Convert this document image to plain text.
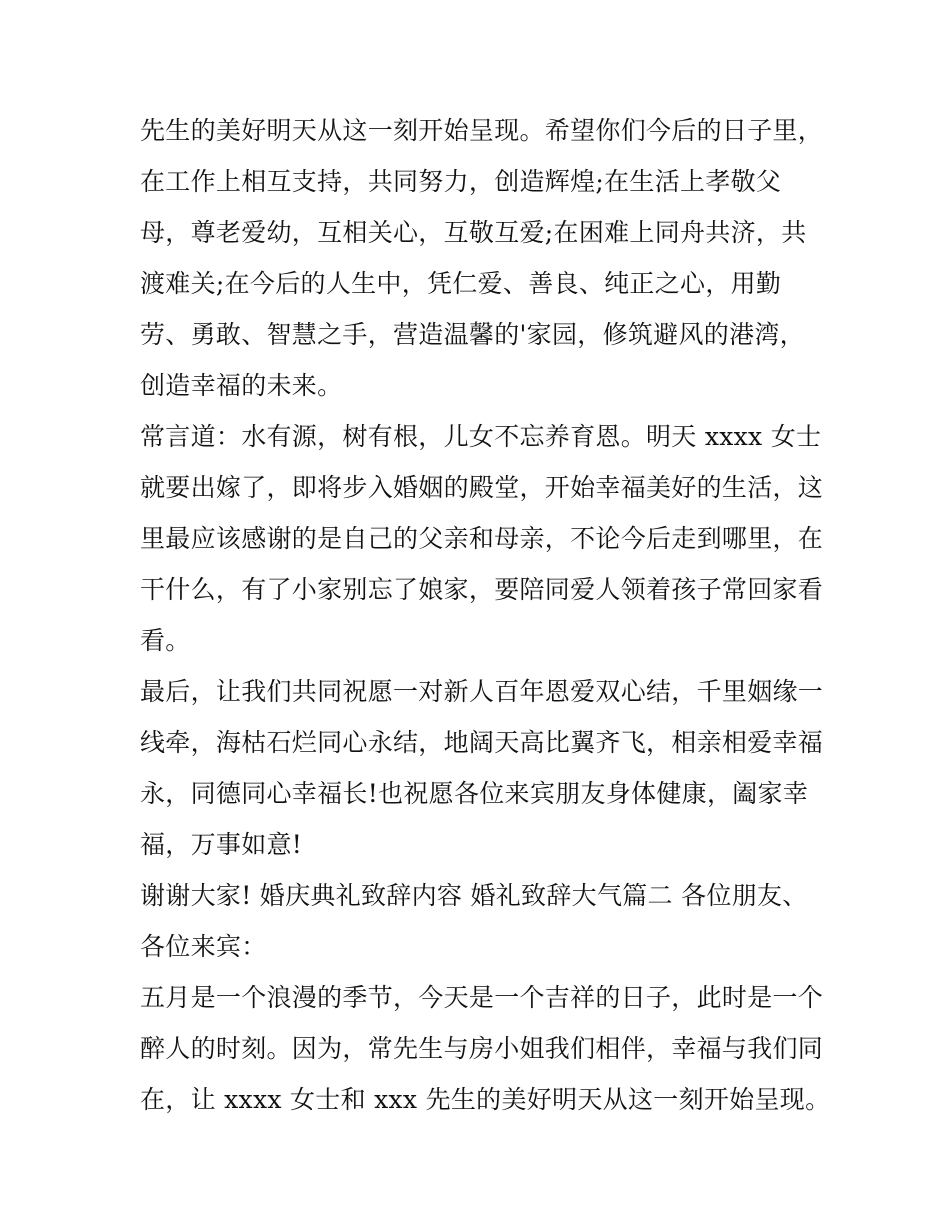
先生的美好明天从这一刻开始呈现。希望你们今后的日子里，
在工作上相互支持，共同努力，创造辉煌;在生活上孝敬父
母，尊老爱幼，互相关心，互敬互爱;在困难上同舟共济，共
渡难关;在今后的人生中，凭仁爱、善良、纯正之心，用勤
劳、勇敢、智慧之手，营造温馨的'家园，修筑避风的港湾，
创造幸福的未来。
常言道：水有源，树有根，儿女不忘养育恩。明天 xxxx 女士
就要出嫁了，即将步入婚姻的殿堂，开始幸福美好的生活，这
里最应该感谢的是自己的父亲和母亲，不论今后走到哪里，在
干什么，有了小家别忘了娘家，要陪同爱人领着孩子常回家看
看。
最后，让我们共同祝愿一对新人百年恩爱双心结，千里姻缘一
线牵，海枯石烂同心永结，地阔天高比翼齐飞，相亲相爱幸福
永，同德同心幸福长!也祝愿各位来宾朋友身体健康，阖家幸
福，万事如意!
谢谢大家! 婚庆典礼致辞内容 婚礼致辞大气篇二 各位朋友、
各位来宾：
五月是一个浪漫的季节，今天是一个吉祥的日子，此时是一个
醉人的时刻。因为，常先生与房小姐我们相伴，幸福与我们同
在，让 xxxx 女士和 xxx 先生的美好明天从这一刻开始呈现。
